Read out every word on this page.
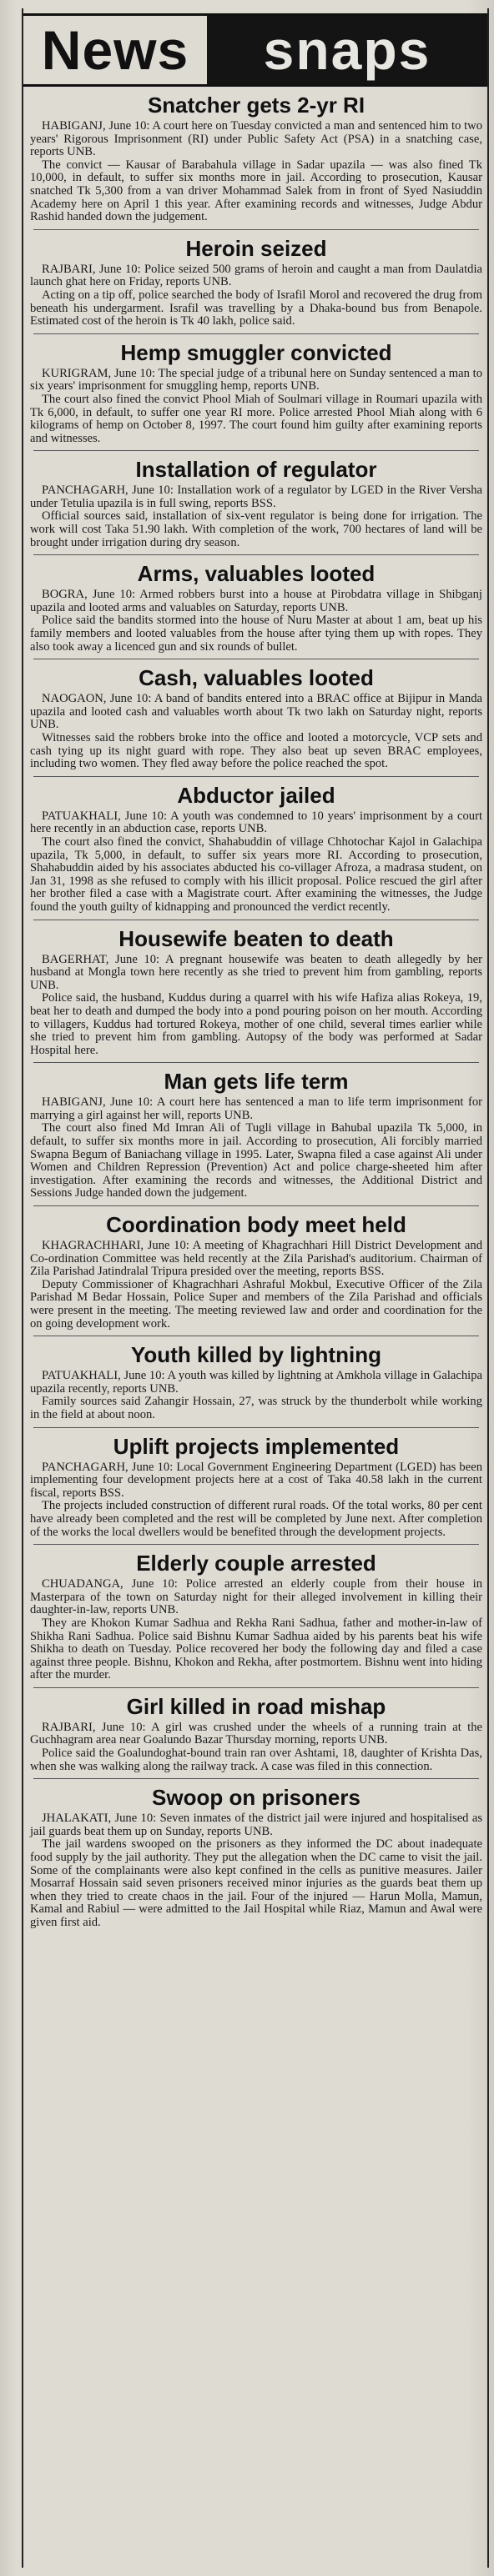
News	snaps
Snatcher gets 2-yr RI

HABIGANJ, June 10: A court here on Tuesday convicted a man and sentenced him to two years' Rigorous Imprisonment (RI) under Public Safety Act (PSA) in a snatching case, reports UNB.

The convict — Kausar of Barabahula village in Sadar upazila — was also fined Tk 10,000, in default, to suffer six months more in jail. According to prosecution, Kausar snatched Tk 5,300 from a van driver Mohammad Salek from in front of Syed Nasiuddin Academy here on April 1 this year. After examining records and witnesses, Judge Abdur Rashid handed down the judgement.

Heroin seized

RAJBARI, June 10: Police seized 500 grams of heroin and caught a man from Daulatdia launch ghat here on Friday, reports UNB.

Acting on a tip off, police searched the body of Israfil Morol and recovered the drug from beneath his undergarment. Israfil was travelling by a Dhaka-bound bus from Benapole. Estimated cost of the heroin is Tk 40 lakh, police said.

Hemp smuggler convicted

KURIGRAM, June 10: The special judge of a tribunal here on Sunday sentenced a man to six years' imprisonment for smuggling hemp, reports UNB.

The court also fined the convict Phool Miah of Soulmari village in Roumari upazila with Tk 6,000, in default, to suffer one year RI more. Police arrested Phool Miah along with 6 kilograms of hemp on October 8, 1997. The court found him guilty after examining reports and witnesses.

Installation of regulator

PANCHAGARH, June 10: Installation work of a regulator by LGED in the River Versha under Tetulia upazila is in full swing, reports BSS.

Official sources said, installation of six-vent regulator is being done for irrigation. The work will cost Taka 51.90 lakh. With completion of the work, 700 hectares of land will be brought under irrigation during dry season.

Arms, valuables looted

BOGRA, June 10: Armed robbers burst into a house at Pirobdatra village in Shibganj upazila and looted arms and valuables on Saturday, reports UNB.

Police said the bandits stormed into the house of Nuru Master at about 1 am, beat up his family members and looted valuables from the house after tying them up with ropes. They also took away a licenced gun and six rounds of bullet.

Cash, valuables looted

NAOGAON, June 10: A band of bandits entered into a BRAC office at Bijipur in Manda upazila and looted cash and valuables worth about Tk two lakh on Saturday night, reports UNB.

Witnesses said the robbers broke into the office and looted a motorcycle, VCP sets and cash tying up its night guard with rope. They also beat up seven BRAC employees, including two women. They fled away before the police reached the spot.

Abductor jailed

PATUAKHALI, June 10: A youth was condemned to 10 years' imprisonment by a court here recently in an abduction case, reports UNB.

The court also fined the convict, Shahabuddin of village Chhotochar Kajol in Galachipa upazila, Tk 5,000, in default, to suffer six years more RI. According to prosecution, Shahabuddin aided by his associates abducted his co-villager Afroza, a madrasa student, on Jan 31, 1998 as she refused to comply with his illicit proposal. Police rescued the girl after her brother filed a case with a Magistrate court. After examining the witnesses, the Judge found the youth guilty of kidnapping and pronounced the verdict recently.

Housewife beaten to death

BAGERHAT, June 10: A pregnant housewife was beaten to death allegedly by her husband at Mongla town here recently as she tried to prevent him from gambling, reports UNB.

Police said, the husband, Kuddus during a quarrel with his wife Hafiza alias Rokeya, 19, beat her to death and dumped the body into a pond pouring poison on her mouth. According to villagers, Kuddus had tortured Rokeya, mother of one child, several times earlier while she tried to prevent him from gambling. Autopsy of the body was performed at Sadar Hospital here.

Man gets life term

HABIGANJ, June 10: A court here has sentenced a man to life term imprisonment for marrying a girl against her will, reports UNB.

The court also fined Md Imran Ali of Tugli village in Bahubal upazila Tk 5,000, in default, to suffer six months more in jail. According to prosecution, Ali forcibly married Swapna Begum of Baniachang village in 1995. Later, Swapna filed a case against Ali under Women and Children Repression (Prevention) Act and police charge-sheeted him after investigation. After examining the records and witnesses, the Additional District and Sessions Judge handed down the judgement.

Coordination body meet held

KHAGRACHHARI, June 10: A meeting of Khagrachhari Hill District Development and Co-ordination Committee was held recently at the Zila Parishad's auditorium. Chairman of Zila Parishad Jatindralal Tripura presided over the meeting, reports BSS.

Deputy Commissioner of Khagrachhari Ashraful Mokbul, Executive Officer of the Zila Parishad M Bedar Hossain, Police Super and members of the Zila Parishad and officials were present in the meeting. The meeting reviewed law and order and coordination for the on going development work.

Youth killed by lightning

PATUAKHALI, June 10: A youth was killed by lightning at Amkhola village in Galachipa upazila recently, reports UNB.

Family sources said Zahangir Hossain, 27, was struck by the thunderbolt while working in the field at about noon.

Uplift projects implemented

PANCHAGARH, June 10: Local Government Engineering Department (LGED) has been implementing four development projects here at a cost of Taka 40.58 lakh in the current fiscal, reports BSS.

The projects included construction of different rural roads. Of the total works, 80 per cent have already been completed and the rest will be completed by June next. After completion of the works the local dwellers would be benefited through the development projects.

Elderly couple arrested

CHUADANGA, June 10: Police arrested an elderly couple from their house in Masterpara of the town on Saturday night for their alleged involvement in killing their daughter-in-law, reports UNB.

They are Khokon Kumar Sadhua and Rekha Rani Sadhua, father and mother-in-law of Shikha Rani Sadhua. Police said Bishnu Kumar Sadhua aided by his parents beat his wife Shikha to death on Tuesday. Police recovered her body the following day and filed a case against three people. Bishnu, Khokon and Rekha, after postmortem. Bishnu went into hiding after the murder.

Girl killed in road mishap

RAJBARI, June 10: A girl was crushed under the wheels of a running train at the Guchhagram area near Goalundo Bazar Thursday morning, reports UNB.

Police said the Goalundoghat-bound train ran over Ashtami, 18, daughter of Krishta Das, when she was walking along the railway track. A case was filed in this connection.

Swoop on prisoners

JHALAKATI, June 10: Seven inmates of the district jail were injured and hospitalised as jail guards beat them up on Sunday, reports UNB.

The jail wardens swooped on the prisoners as they informed the DC about inadequate food supply by the jail authority. They put the allegation when the DC came to visit the jail. Some of the complainants were also kept confined in the cells as punitive measures. Jailer Mosarraf Hossain said seven prisoners received minor injuries as the guards beat them up when they tried to create chaos in the jail. Four of the injured — Harun Molla, Mamun, Kamal and Rabiul — were admitted to the Jail Hospital while Riaz, Mamun and Awal were given first aid.
